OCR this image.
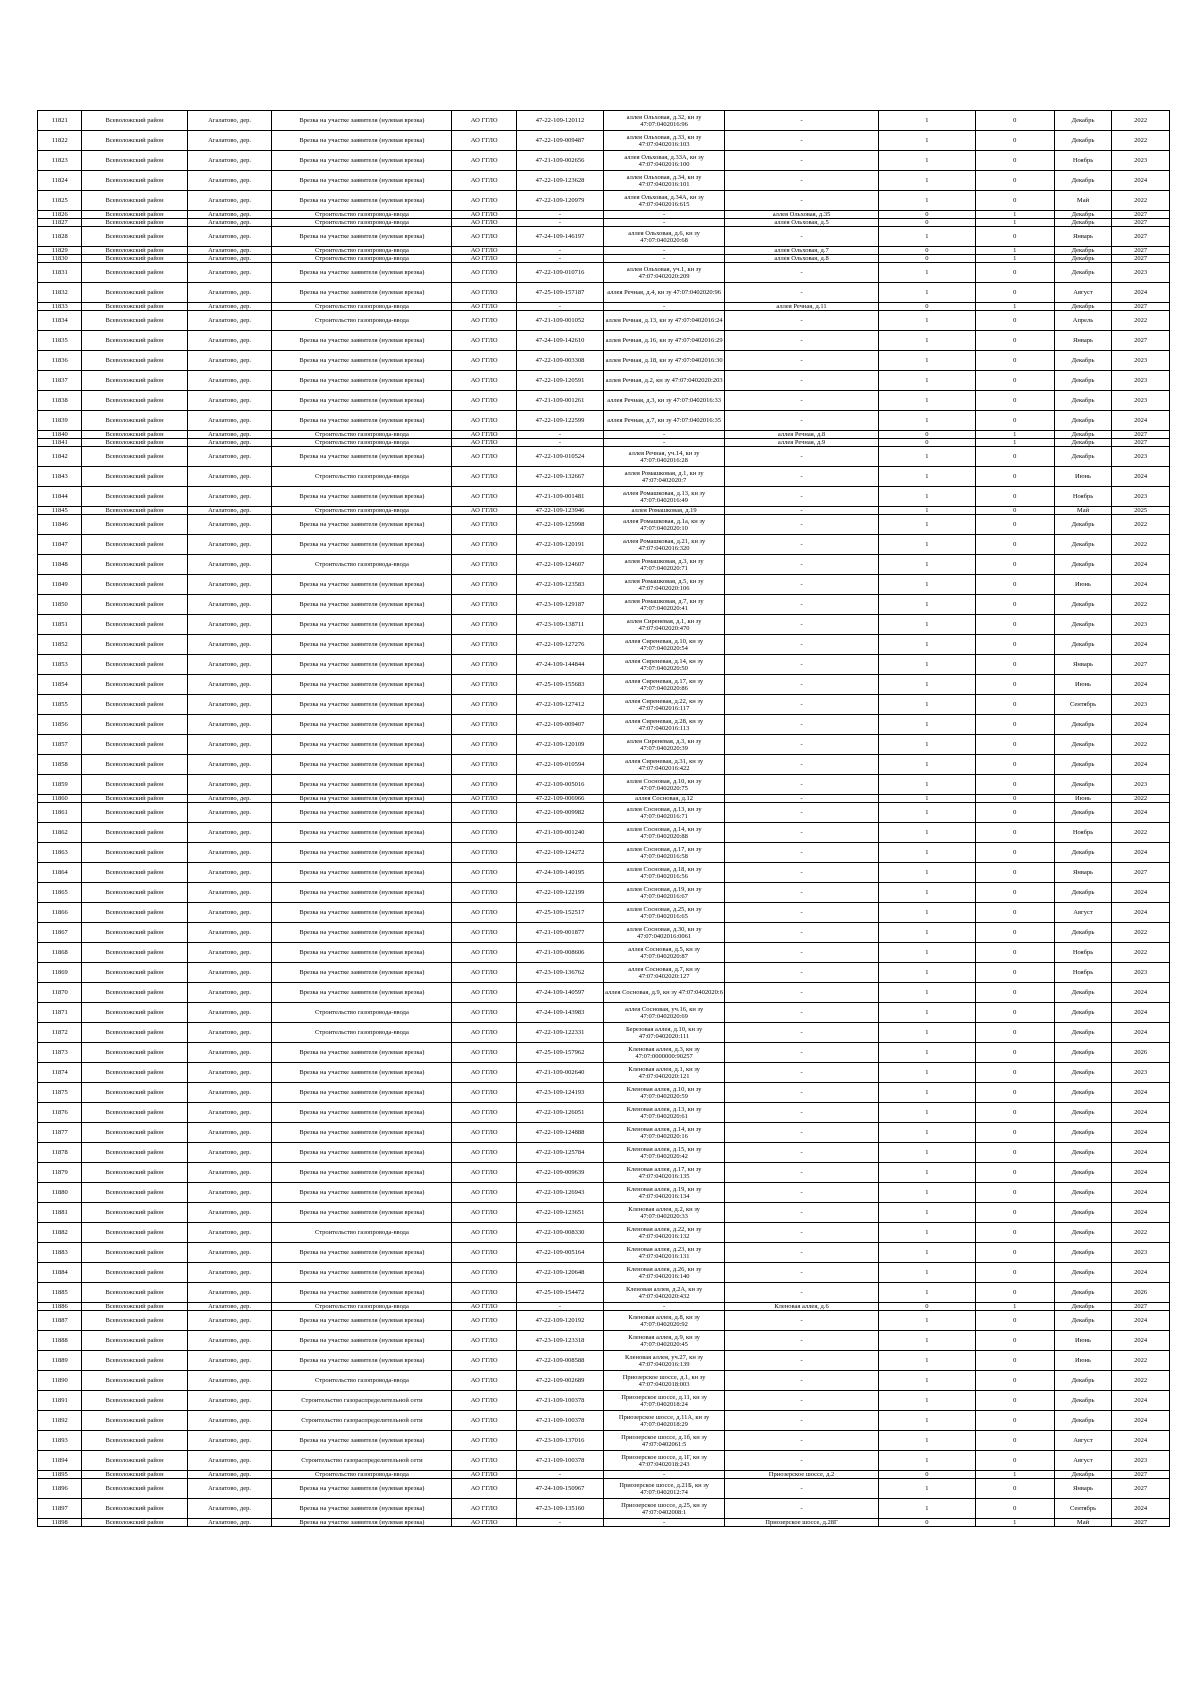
11821	Всеволожский район	Агалатово, дер.	Врезка на участке заявителя (нулевая врезка)	АО ГГЛО	47-22-109-120112	аллея Ольховая, д.32, кн зу 47:07:0402016:96	-	1	0	Декабрь	2022
11822	Всеволожский район	Агалатово, дер.	Врезка на участке заявителя (нулевая врезка)	АО ГГЛО	47-22-109-009487	аллея Ольховая, д.33, кн зу 47:07:0402016:103	-	1	0	Декабрь	2022
11823	Всеволожский район	Агалатово, дер.	Врезка на участке заявителя (нулевая врезка)	АО ГГЛО	47-21-109-002656	аллея Ольховая, д.33А, кн зу 47:07:0402016:100	-	1	0	Ноябрь	2023
11824	Всеволожский район	Агалатово, дер.	Врезка на участке заявителя (нулевая врезка)	АО ГГЛО	47-22-109-123628	аллея Ольховая, д.34, кн зу 47:07:0402016:101	-	1	0	Декабрь	2024
11825	Всеволожский район	Агалатово, дер.	Врезка на участке заявителя (нулевая врезка)	АО ГГЛО	47-22-109-120979	аллея Ольховая, д.34А, кн зу 47:07:0402016:615	-	1	0	Май	2022
11826	Всеволожский район	Агалатово, дер.	Строительство газопровода-ввода	АО ГГЛО	-	-	аллея Ольховая, д.35	0	1	Декабрь	2027
11827	Всеволожский район	Агалатово, дер.	Строительство газопровода-ввода	АО ГГЛО	-	-	аллея Ольховая, д.5	0	1	Декабрь	2027
11828	Всеволожский район	Агалатово, дер.	Врезка на участке заявителя (нулевая врезка)	АО ГГЛО	47-24-109-146197	аллея Ольховая, д.6, кн зу 47:07:0402020:68	-	1	0	Январь	2027
11829	Всеволожский район	Агалатово, дер.	Строительство газопровода-ввода	АО ГГЛО	-	-	аллея Ольховая, д.7	0	1	Декабрь	2027
11830	Всеволожский район	Агалатово, дер.	Строительство газопровода-ввода	АО ГГЛО	-	-	аллея Ольховая, д.8	0	1	Декабрь	2027
11831	Всеволожский район	Агалатово, дер.	Врезка на участке заявителя (нулевая врезка)	АО ГГЛО	47-22-109-010716	аллея Ольховая, уч.1, кн зу 47:07:0402020:209	-	1	0	Декабрь	2023
11832	Всеволожский район	Агалатово, дер.	Врезка на участке заявителя (нулевая врезка)	АО ГГЛО	47-25-109-157187	аллея Речная, д.4, кн зу 47:07:0402020:96	-	1	0	Август	2024
11833	Всеволожский район	Агалатово, дер.	Строительство газопровода-ввода	АО ГГЛО	-	-	аллея Речная, д.11	0	1	Декабрь	2027
11834	Всеволожский район	Агалатово, дер.	Строительство газопровода-ввода	АО ГГЛО	47-21-109-001052	аллея Речная, д.13, кн зу 47:07:0402016:24	-	1	0	Апрель	2022
11835	Всеволожский район	Агалатово, дер.	Врезка на участке заявителя (нулевая врезка)	АО ГГЛО	47-24-109-142610	аллея Речная, д.16, кн зу 47:07:0402016:29	-	1	0	Январь	2027
11836	Всеволожский район	Агалатово, дер.	Врезка на участке заявителя (нулевая врезка)	АО ГГЛО	47-22-109-003308	аллея Речная, д.18, кн зу 47:07:0402016:30	-	1	0	Декабрь	2023
11837	Всеволожский район	Агалатово, дер.	Врезка на участке заявителя (нулевая врезка)	АО ГГЛО	47-22-109-120591	аллея Речная, д.2, кн зу 47:07:0402020:203	-	1	0	Декабрь	2023
11838	Всеволожский район	Агалатово, дер.	Врезка на участке заявителя (нулевая врезка)	АО ГГЛО	47-21-109-001261	аллея Речная, д.3, кн зу 47:07:0402016:33	-	1	0	Декабрь	2023
11839	Всеволожский район	Агалатово, дер.	Врезка на участке заявителя (нулевая врезка)	АО ГГЛО	47-22-109-122599	аллея Речная, д.7, кн зу 47:07:0402016:35	-	1	0	Декабрь	2024
11840	Всеволожский район	Агалатово, дер.	Строительство газопровода-ввода	АО ГГЛО	-	-	аллея Речная, д.8	0	1	Декабрь	2027
11841	Всеволожский район	Агалатово, дер.	Строительство газопровода-ввода	АО ГГЛО	-	-	аллея Речная, д.9	0	1	Декабрь	2027
11842	Всеволожский район	Агалатово, дер.	Врезка на участке заявителя (нулевая врезка)	АО ГГЛО	47-22-109-010524	аллея Речная, уч.14, кн зу 47:07:0402016:28	-	1	0	Декабрь	2023
11843	Всеволожский район	Агалатово, дер.	Строительство газопровода-ввода	АО ГГЛО	47-22-109-132667	аллея Ромашковая, д.1, кн зу 47:07:0402020:7	-	1	0	Июнь	2024
11844	Всеволожский район	Агалатово, дер.	Врезка на участке заявителя (нулевая врезка)	АО ГГЛО	47-21-109-001481	аллея Ромашковая, д.13, кн зу 47:07:0402016:49	-	1	0	Ноябрь	2023
11845	Всеволожский район	Агалатово, дер.	Строительство газопровода-ввода	АО ГГЛО	47-22-109-123946	аллея Ромашковая, д.19	-	1	0	Май	2025
11846	Всеволожский район	Агалатово, дер.	Врезка на участке заявителя (нулевая врезка)	АО ГГЛО	47-22-109-125998	аллея Ромашковая, д.1а, кн зу 47:07:0402020:10	-	1	0	Декабрь	2022
11847	Всеволожский район	Агалатово, дер.	Врезка на участке заявителя (нулевая врезка)	АО ГГЛО	47-22-109-120191	аллея Ромашковая, д.21, кн зу 47:07:0402016:320	-	1	0	Декабрь	2022
11848	Всеволожский район	Агалатово, дер.	Строительство газопровода-ввода	АО ГГЛО	47-22-109-124607	аллея Ромашковая, д.3, кн зу 47:07:0402020:71	-	1	0	Декабрь	2024
11849	Всеволожский район	Агалатово, дер.	Врезка на участке заявителя (нулевая врезка)	АО ГГЛО	47-22-109-123583	аллея Ромашковая, д.5, кн зу 47:07:0402020:106	-	1	0	Июнь	2024
11850	Всеволожский район	Агалатово, дер.	Врезка на участке заявителя (нулевая врезка)	АО ГГЛО	47-23-109-129187	аллея Ромашковая, д.7, кн зу 47:07:0402020:41	-	1	0	Декабрь	2022
11851	Всеволожский район	Агалатово, дер.	Врезка на участке заявителя (нулевая врезка)	АО ГГЛО	47-23-109-138711	аллея Сиреневая, д.1, кн зу 47:07:0402020:470	-	1	0	Декабрь	2023
11852	Всеволожский район	Агалатово, дер.	Врезка на участке заявителя (нулевая врезка)	АО ГГЛО	47-22-109-127276	аллея Сиреневая, д.10, кн зу 47:07:0402020:54	-	1	0	Декабрь	2024
11853	Всеволожский район	Агалатово, дер.	Врезка на участке заявителя (нулевая врезка)	АО ГГЛО	47-24-109-144844	аллея Сиреневая, д.14, кн зу 47:07:0402020:50	-	1	0	Январь	2027
11854	Всеволожский район	Агалатово, дер.	Врезка на участке заявителя (нулевая врезка)	АО ГГЛО	47-25-109-155683	аллея Сиреневая, д.17, кн зу 47:07:0402020:86	-	1	0	Июнь	2024
11855	Всеволожский район	Агалатово, дер.	Врезка на участке заявителя (нулевая врезка)	АО ГГЛО	47-22-109-127412	аллея Сиреневая, д.22, кн зу 47:07:0402016:117	-	1	0	Сентябрь	2023
11856	Всеволожский район	Агалатово, дер.	Врезка на участке заявителя (нулевая врезка)	АО ГГЛО	47-22-109-009407	аллея Сиреневая, д.28, кн зу 47:07:0402016:113	-	1	0	Декабрь	2024
11857	Всеволожский район	Агалатово, дер.	Врезка на участке заявителя (нулевая врезка)	АО ГГЛО	47-22-109-120109	аллея Сиреневая, д.3, кн зу 47:07:0402020:39	-	1	0	Декабрь	2022
11858	Всеволожский район	Агалатово, дер.	Врезка на участке заявителя (нулевая врезка)	АО ГГЛО	47-22-109-010594	аллея Сиреневая, д.31, кн зу 47:07:0402016:422	-	1	0	Декабрь	2024
11859	Всеволожский район	Агалатово, дер.	Врезка на участке заявителя (нулевая врезка)	АО ГГЛО	47-22-109-005016	аллея Сосновая, д.10, кн зу 47:07:0402020:75	-	1	0	Декабрь	2023
11860	Всеволожский район	Агалатово, дер.	Врезка на участке заявителя (нулевая врезка)	АО ГГЛО	47-22-109-006966	аллея Сосновая, д.12	-	1	0	Июнь	2022
11861	Всеволожский район	Агалатово, дер.	Врезка на участке заявителя (нулевая врезка)	АО ГГЛО	47-22-109-009982	аллея Сосновая, д.13, кн зу 47:07:0402016:71	-	1	0	Декабрь	2024
11862	Всеволожский район	Агалатово, дер.	Врезка на участке заявителя (нулевая врезка)	АО ГГЛО	47-21-109-001240	аллея Сосновая, д.14, кн зу 47:07:0402020:88	-	1	0	Ноябрь	2022
11863	Всеволожский район	Агалатово, дер.	Врезка на участке заявителя (нулевая врезка)	АО ГГЛО	47-22-109-124272	аллея Сосновая, д.17, кн зу 47:07:0402016:58	-	1	0	Декабрь	2024
11864	Всеволожский район	Агалатово, дер.	Врезка на участке заявителя (нулевая врезка)	АО ГГЛО	47-24-109-140195	аллея Сосновая, д.18, кн зу 47:07:0402016:56	-	1	0	Январь	2027
11865	Всеволожский район	Агалатово, дер.	Врезка на участке заявителя (нулевая врезка)	АО ГГЛО	47-22-109-122199	аллея Сосновая, д.19, кн зу 47:07:0402016:67	-	1	0	Декабрь	2024
11866	Всеволожский район	Агалатово, дер.	Врезка на участке заявителя (нулевая врезка)	АО ГГЛО	47-25-109-152517	аллея Сосновая, д.25, кн зу 47:07:0402016:65	-	1	0	Август	2024
11867	Всеволожский район	Агалатово, дер.	Врезка на участке заявителя (нулевая врезка)	АО ГГЛО	47-21-109-001877	аллея Сосновая, д.30, кн зу 47:07:0402016:0061	-	1	0	Декабрь	2022
11868	Всеволожский район	Агалатово, дер.	Врезка на участке заявителя (нулевая врезка)	АО ГГЛО	47-21-109-008606	аллея Сосновая, д.5, кн зу 47:07:0402020:87	-	1	0	Ноябрь	2022
11869	Всеволожский район	Агалатово, дер.	Врезка на участке заявителя (нулевая врезка)	АО ГГЛО	47-23-109-136762	аллея Сосновая, д.7, кн зу 47:07:0402020:127	-	1	0	Ноябрь	2023
11870	Всеволожский район	Агалатово, дер.	Врезка на участке заявителя (нулевая врезка)	АО ГГЛО	47-24-109-140597	аллея Сосновая, д.9, кн зу 47:07:0402020:6	-	1	0	Декабрь	2024
11871	Всеволожский район	Агалатово, дер.	Строительство газопровода-ввода	АО ГГЛО	47-24-109-143983	аллея Сосновая, уч.16, кн зу 47:07:0402020:69	-	1	0	Декабрь	2024
11872	Всеволожский район	Агалатово, дер.	Строительство газопровода-ввода	АО ГГЛО	47-22-109-122331	Березовая аллея, д.10, кн зу 47:07:0402020:111	-	1	0	Декабрь	2024
11873	Всеволожский район	Агалатово, дер.	Врезка на участке заявителя (нулевая врезка)	АО ГГЛО	47-25-109-157962	Кленовая аллея, д.3, кн зу 47:07:0000000:90257	-	1	0	Декабрь	2026
11874	Всеволожский район	Агалатово, дер.	Врезка на участке заявителя (нулевая врезка)	АО ГГЛО	47-21-109-002640	Кленовая аллея, д.1, кн зу 47:07:0402020:121	-	1	0	Декабрь	2023
11875	Всеволожский район	Агалатово, дер.	Врезка на участке заявителя (нулевая врезка)	АО ГГЛО	47-23-109-124193	Кленовая аллея, д.10, кн зу 47:07:0402020:59	-	1	0	Декабрь	2024
11876	Всеволожский район	Агалатово, дер.	Врезка на участке заявителя (нулевая врезка)	АО ГГЛО	47-22-109-126051	Кленовая аллея, д.13, кн зу 47:07:0402020:61	-	1	0	Декабрь	2024
11877	Всеволожский район	Агалатово, дер.	Врезка на участке заявителя (нулевая врезка)	АО ГГЛО	47-22-109-124888	Кленовая аллея, д.14, кн зу 47:07:0402020:16	-	1	0	Декабрь	2024
11878	Всеволожский район	Агалатово, дер.	Врезка на участке заявителя (нулевая врезка)	АО ГГЛО	47-22-109-125784	Кленовая аллея, д.15, кн зу 47:07:0402020:42	-	1	0	Декабрь	2024
11879	Всеволожский район	Агалатово, дер.	Врезка на участке заявителя (нулевая врезка)	АО ГГЛО	47-22-109-009639	Кленовая аллея, д.17, кн зу 47:07:0402016:135	-	1	0	Декабрь	2024
11880	Всеволожский район	Агалатово, дер.	Врезка на участке заявителя (нулевая врезка)	АО ГГЛО	47-22-109-126943	Кленовая аллея, д.19, кн зу 47:07:0402016:134	-	1	0	Декабрь	2024
11881	Всеволожский район	Агалатово, дер.	Врезка на участке заявителя (нулевая врезка)	АО ГГЛО	47-22-109-123651	Кленовая аллея, д.2, кн зу 47:07:0402020:33	-	1	0	Декабрь	2024
11882	Всеволожский район	Агалатово, дер.	Строительство газопровода-ввода	АО ГГЛО	47-22-109-008330	Кленовая аллея, д.22, кн зу 47:07:0402016:132	-	1	0	Декабрь	2022
11883	Всеволожский район	Агалатово, дер.	Врезка на участке заявителя (нулевая врезка)	АО ГГЛО	47-22-109-005164	Кленовая аллея, д.23, кн зу 47:07:0402016:131	-	1	0	Декабрь	2023
11884	Всеволожский район	Агалатово, дер.	Врезка на участке заявителя (нулевая врезка)	АО ГГЛО	47-22-109-120648	Кленовая аллея, д.26, кн зу 47:07:0402016:140	-	1	0	Декабрь	2024
11885	Всеволожский район	Агалатово, дер.	Врезка на участке заявителя (нулевая врезка)	АО ГГЛО	47-25-109-154472	Кленовая аллея, д.2А, кн зу 47:07:0402020:432	-	1	0	Декабрь	2026
11886	Всеволожский район	Агалатово, дер.	Строительство газопровода-ввода	АО ГГЛО	-	-	Кленовая аллея, д.6	0	1	Декабрь	2027
11887	Всеволожский район	Агалатово, дер.	Врезка на участке заявителя (нулевая врезка)	АО ГГЛО	47-22-109-120192	Кленовая аллея, д.8, кн зу 47:07:0402020:92	-	1	0	Декабрь	2024
11888	Всеволожский район	Агалатово, дер.	Врезка на участке заявителя (нулевая врезка)	АО ГГЛО	47-23-109-123318	Кленовая аллея, д.9, кн зу 47:07:0402020:45	-	1	0	Июнь	2024
11889	Всеволожский район	Агалатово, дер.	Врезка на участке заявителя (нулевая врезка)	АО ГГЛО	47-22-109-008588	Кленовая аллея, уч.27, кн зу 47:07:0402016:139	-	1	0	Июнь	2022
11890	Всеволожский район	Агалатово, дер.	Строительство газопровода-ввода	АО ГГЛО	47-22-109-002689	Приозерское шоссе, д.1, кн зу 47:07:0402018:003	-	1	0	Декабрь	2022
11891	Всеволожский район	Агалатово, дер.	Строительство газораспределительной сети	АО ГГЛО	47-21-109-100378	Приозерское шоссе, д.11, кн зу 47:07:0402018:24	-	1	0	Декабрь	2024
11892	Всеволожский район	Агалатово, дер.	Строительство газораспределительной сети	АО ГГЛО	47-21-109-100378	Приозерское шоссе, д.11А, кн зу 47:07:0402018:29	-	1	0	Декабрь	2024
11893	Всеволожский район	Агалатово, дер.	Врезка на участке заявителя (нулевая врезка)	АО ГГЛО	47-23-109-137016	Приозерское шоссе, д.1б, кн зу 47:07:0402061:5	-	1	0	Август	2024
11894	Всеволожский район	Агалатово, дер.	Строительство газораспределительной сети	АО ГГЛО	47-21-109-100378	Приозерское шоссе, д.1Г, кн зу 47:07:0402018:243	-	1	0	Август	2023
11895	Всеволожский район	Агалатово, дер.	Строительство газопровода-ввода	АО ГГЛО	-	-	Приозерское шоссе, д.2	0	1	Декабрь	2027
11896	Всеволожский район	Агалатово, дер.	Врезка на участке заявителя (нулевая врезка)	АО ГГЛО	47-24-109-150967	Приозерское шоссе, д.21Б, кн зу 47:07:0402012:74	-	1	0	Январь	2027
11897	Всеволожский район	Агалатово, дер.	Врезка на участке заявителя (нулевая врезка)	АО ГГЛО	47-23-109-135160	Приозерское шоссе, д.25, кн зу 47:07:0402008:1	-	1	0	Сентябрь	2024
11898	Всеволожский район	Агалатово, дер.	Врезка на участке заявителя (нулевая врезка)	АО ГГЛО	-	-	Приозерское шоссе, д.28Г	0	1	Май	2027
